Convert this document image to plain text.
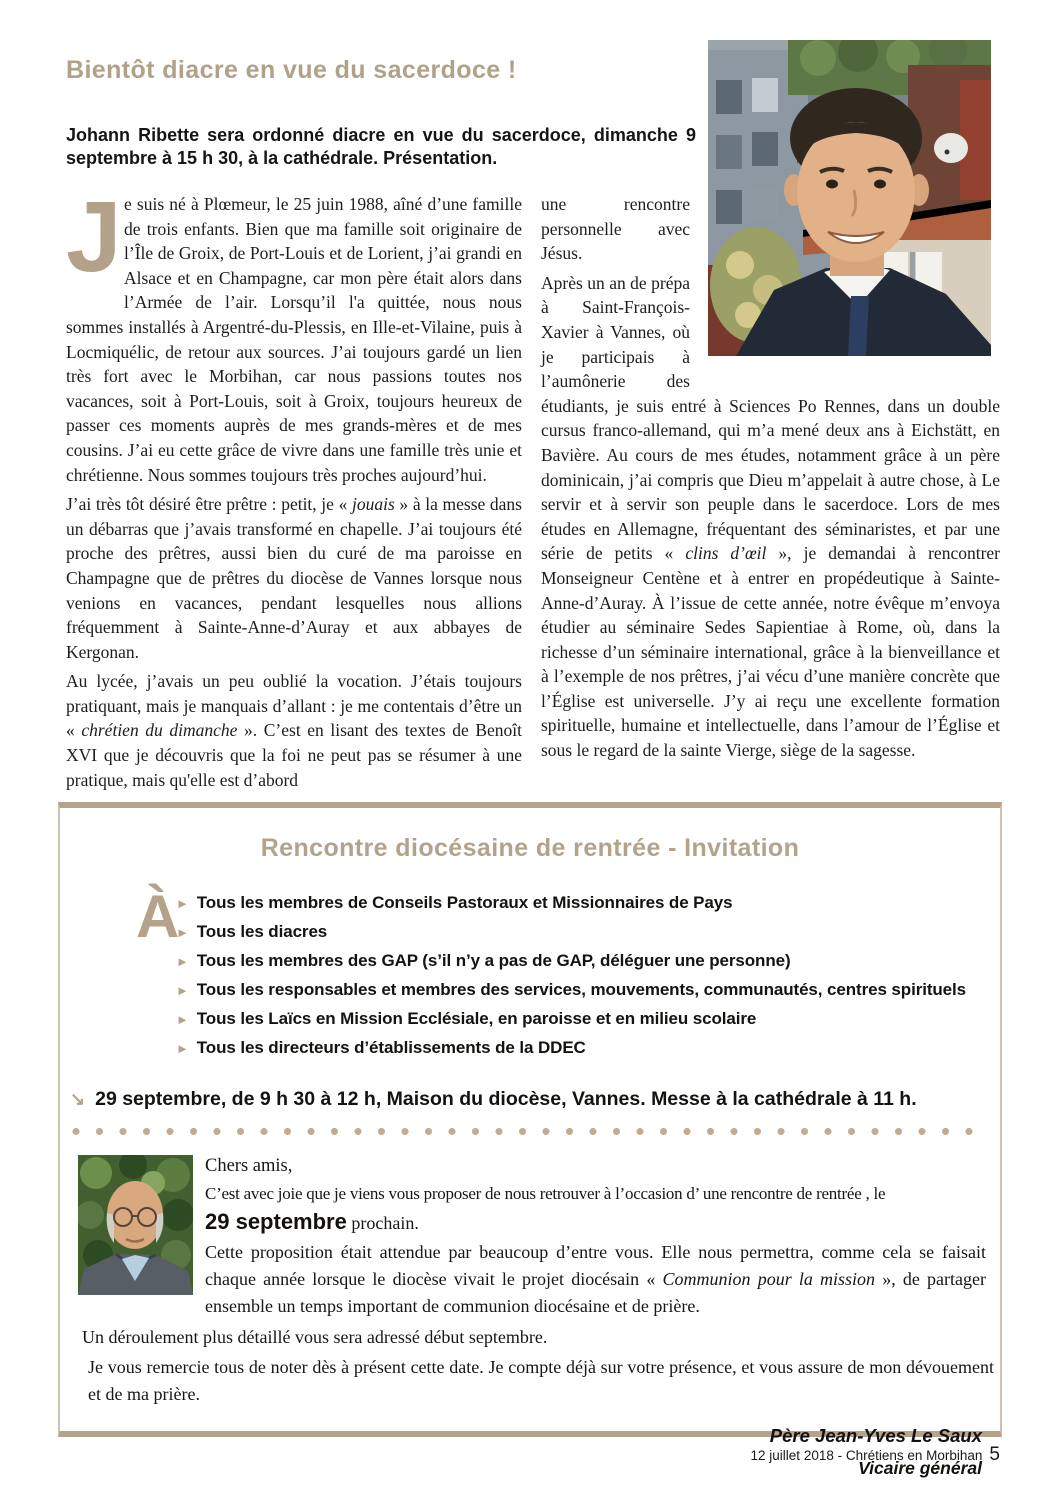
Bientôt diacre en vue du sacerdoce !

Johann Ribette sera ordonné diacre en vue du sacerdoce, dimanche 9 septembre à 15 h 30, à la cathédrale. Présentation.

Je suis né à Plœmeur, le 25 juin 1988, aîné d’une famille de trois enfants. Bien que ma famille soit originaire de l’Île de Groix, de Port-Louis et de Lorient, j’ai grandi en Alsace et en Champagne, car mon père était alors dans l’Armée de l’air. Lorsqu’il l'a quittée, nous nous sommes installés à Argentré-du-Plessis, en Ille-et-Vilaine, puis à Locmiquélic, de retour aux sources. J’ai toujours gardé un lien très fort avec le Morbihan, car nous passions toutes nos vacances, soit à Port-Louis, soit à Groix, toujours heureux de passer ces moments auprès de mes grands-mères et de mes cousins. J’ai eu cette grâce de vivre dans une famille très unie et chrétienne. Nous sommes toujours très proches aujourd’hui.

J’ai très tôt désiré être prêtre : petit, je « jouais » à la messe dans un débarras que j’avais transformé en chapelle. J’ai toujours été proche des prêtres, aussi bien du curé de ma paroisse en Champagne que de prêtres du diocèse de Vannes lorsque nous venions en vacances, pendant lesquelles nous allions fréquemment à Sainte-Anne-d’Auray et aux abbayes de Kergonan.

Au lycée, j’avais un peu oublié la vocation. J’étais toujours pratiquant, mais je manquais d’allant : je me contentais d’être un « chrétien du dimanche ». C’est en lisant des textes de Benoît XVI que je découvris que la foi ne peut pas se résumer à une pratique, mais qu'elle est d’abord

une rencontre personnelle avec Jésus.

Après un an de prépa à Saint-François-Xavier à Vannes, où je participais à l’aumônerie des étudiants, je suis entré à Sciences Po Rennes, dans un double cursus franco-allemand, qui m’a mené deux ans à Eichstätt, en Bavière. Au cours de mes études, notamment grâce à un père dominicain, j’ai compris que Dieu m’appelait à autre chose, à Le servir et à servir son peuple dans le sacerdoce. Lors de mes études en Allemagne, fréquentant des séminaristes, et par une série de petits « clins d’œil », je demandai à rencontrer Monseigneur Centène et à entrer en propédeutique à Sainte-Anne-d’Auray. À l’issue de cette année, notre évêque m’envoya étudier au séminaire Sedes Sapientiae à Rome, où, dans la richesse d’un séminaire international, grâce à la bienveillance et à l’exemple de nos prêtres, j’ai vécu d’une manière concrète que l’Église est universelle. J’y ai reçu une excellente formation spirituelle, humaine et intellectuelle, dans l’amour de l’Église et sous le regard de la sainte Vierge, siège de la sagesse.

Rencontre diocésaine de rentrée - Invitation
À
► Tous les membres de Conseils Pastoraux et Missionnaires de Pays
► Tous les diacres
► Tous les membres des GAP (s’il n’y a pas de GAP, déléguer une personne)
► Tous les responsables et membres des services, mouvements, communautés, centres spirituels
► Tous les Laïcs en Mission Ecclésiale, en paroisse et en milieu scolaire
► Tous les directeurs d’établissements de la DDEC
↘ 29 septembre, de 9 h 30 à 12 h, Maison du diocèse, Vannes. Messe à la cathédrale à 11 h.

Chers amis,

C’est avec joie que je viens vous proposer de nous retrouver à l’occasion d’ une rencontre de rentrée , le

29 septembre prochain.

Cette proposition était attendue par beaucoup d’entre vous. Elle nous permettra, comme cela se faisait chaque année lorsque le diocèse vivait le projet diocésain « Communion pour la mission », de partager ensemble un temps important de communion diocésaine et de prière.

Un déroulement plus détaillé vous sera adressé début septembre.

Je vous remercie tous de noter dès à présent cette date. Je compte déjà sur votre présence, et vous assure de mon dévouement et de ma prière.

Père Jean-Yves Le Saux
Vicaire général
12 juillet 2018 - Chrétiens en Morbihan 5
